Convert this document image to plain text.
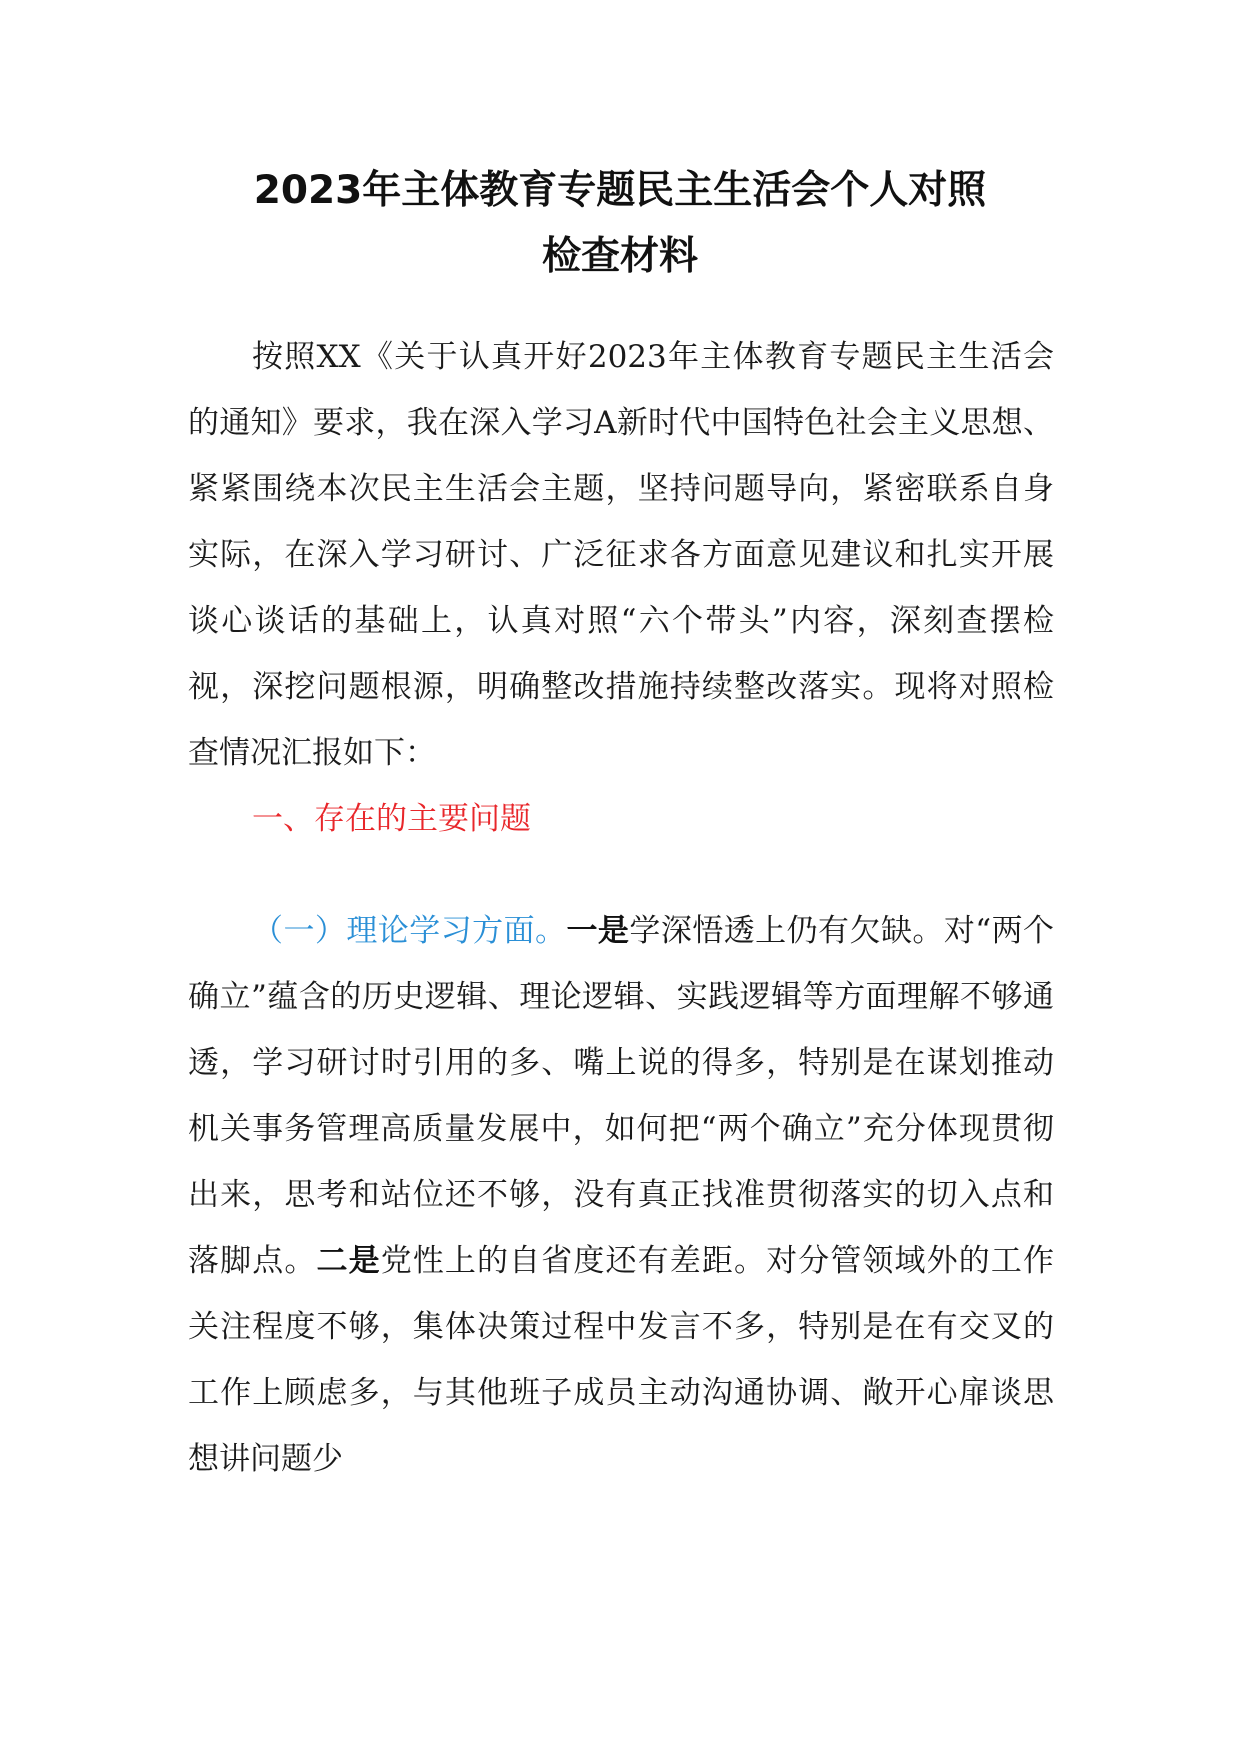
2023年主体教育专题民主生活会个人对照
检查材料

按照XX《关于认真开好2023年主体教育专题民主生活会的通知》要求，我在深入学习A新时代中国特色社会主义思想、紧紧围绕本次民主生活会主题，坚持问题导向，紧密联系自身实际，在深入学习研讨、广泛征求各方面意见建议和扎实开展谈心谈话的基础上，认真对照“六个带头”内容，深刻查摆检视，深挖问题根源，明确整改措施持续整改落实。现将对照检查情况汇报如下：

一、存在的主要问题

（一）理论学习方面。一是学深悟透上仍有欠缺。对“两个确立”蕴含的历史逻辑、理论逻辑、实践逻辑等方面理解不够通透，学习研讨时引用的多、嘴上说的得多，特别是在谋划推动机关事务管理高质量发展中，如何把“两个确立”充分体现贯彻出来，思考和站位还不够，没有真正找准贯彻落实的切入点和落脚点。二是党性上的自省度还有差距。对分管领域外的工作关注程度不够，集体决策过程中发言不多，特别是在有交叉的工作上顾虑多，与其他班子成员主动沟通协调、敞开心扉谈思想讲问题少
